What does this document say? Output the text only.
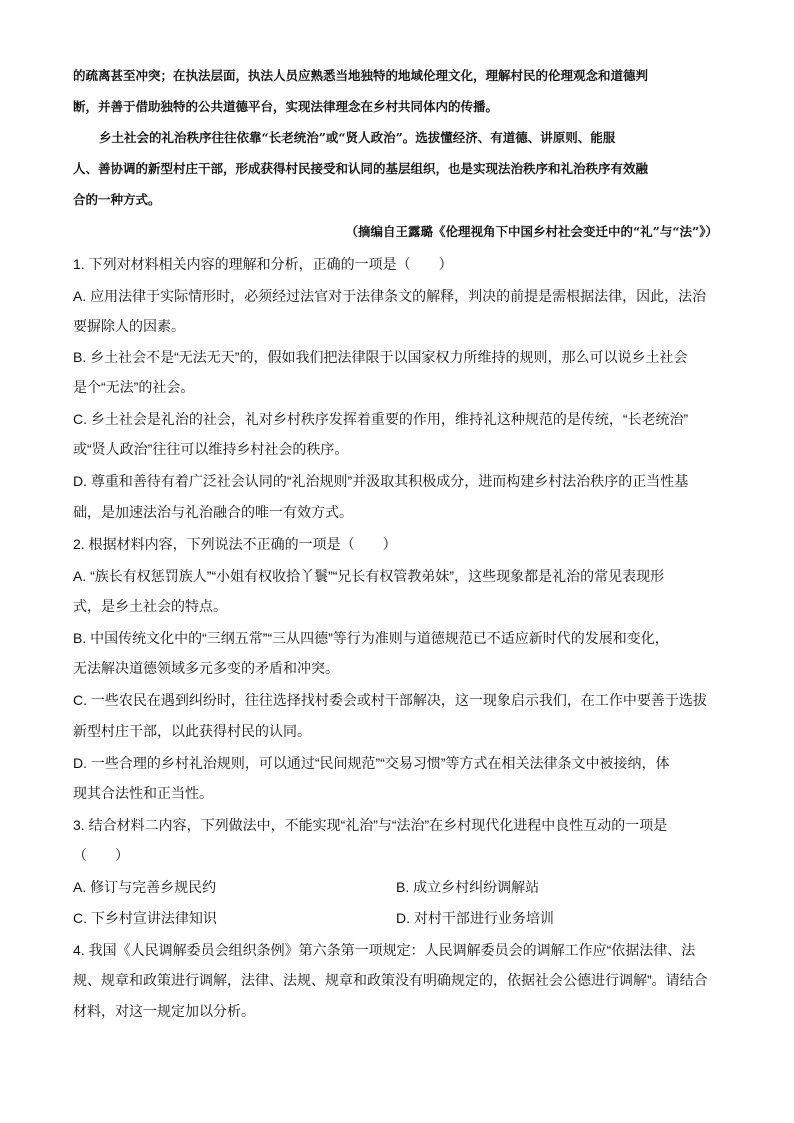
的疏离甚至冲突；在执法层面，执法人员应熟悉当地独特的地域伦理文化，理解村民的伦理观念和道德判
断，并善于借助独特的公共道德平台，实现法律理念在乡村共同体内的传播。
乡土社会的礼治秩序往往依靠“长老统治”或“贤人政治”。选拔懂经济、有道德、讲原则、能服
人、善协调的新型村庄干部，形成获得村民接受和认同的基层组织，也是实现法治秩序和礼治秩序有效融
合的一种方式。
（摘编自王露璐《伦理视角下中国乡村社会变迁中的“礼”与“法”》）
1. 下列对材料相关内容的理解和分析，正确的一项是（　　）
A. 应用法律于实际情形时，必须经过法官对于法律条文的解释，判决的前提是需根据法律，因此，法治
要摒除人的因素。
B. 乡土社会不是“无法无天”的，假如我们把法律限于以国家权力所维持的规则，那么可以说乡土社会
是个“无法”的社会。
C. 乡土社会是礼治的社会，礼对乡村秩序发挥着重要的作用，维持礼这种规范的是传统，“长老统治”
或“贤人政治”往往可以维持乡村社会的秩序。
D. 尊重和善待有着广泛社会认同的“礼治规则”并汲取其积极成分，进而构建乡村法治秩序的正当性基
础，是加速法治与礼治融合的唯一有效方式。
2. 根据材料内容，下列说法不正确的一项是（　　）
A. “族长有权惩罚族人”“小姐有权收拾丫鬟”“兄长有权管教弟妹”，这些现象都是礼治的常见表现形
式，是乡土社会的特点。
B. 中国传统文化中的“三纲五常”“三从四德”等行为准则与道德规范已不适应新时代的发展和变化，
无法解决道德领域多元多变的矛盾和冲突。
C. 一些农民在遇到纠纷时，往往选择找村委会或村干部解决，这一现象启示我们，在工作中要善于选拔
新型村庄干部，以此获得村民的认同。
D. 一些合理的乡村礼治规则，可以通过“民间规范”“交易习惯”等方式在相关法律条文中被接纳，体
现其合法性和正当性。
3. 结合材料二内容，下列做法中，不能实现“礼治”与“法治”在乡村现代化进程中良性互动的一项是
（　　）
A. 修订与完善乡规民约	B. 成立乡村纠纷调解站
C. 下乡村宣讲法律知识	D. 对村干部进行业务培训
4. 我国《人民调解委员会组织条例》第六条第一项规定：人民调解委员会的调解工作应“依据法律、法
规、规章和政策进行调解，法律、法规、规章和政策没有明确规定的，依据社会公德进行调解”。请结合
材料，对这一规定加以分析。
